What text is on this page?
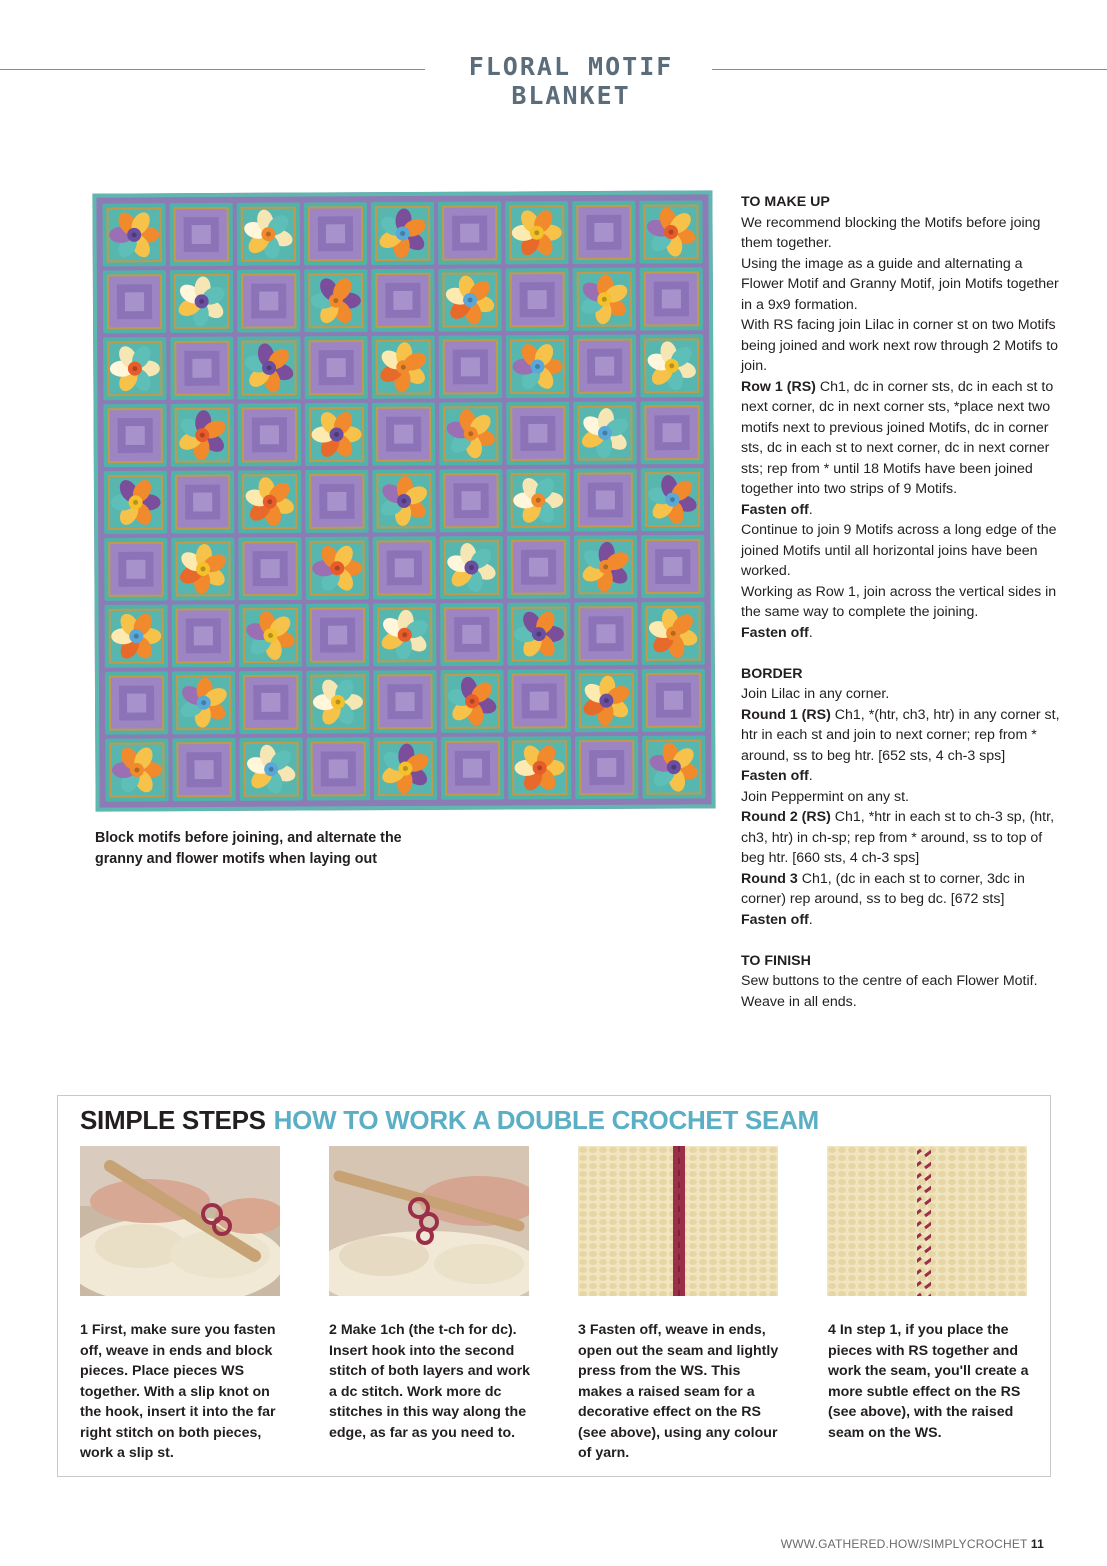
FLORAL MOTIF BLANKET
Block motifs before joining, and alternate the granny and flower motifs when laying out

TO MAKE UP

We recommend blocking the Motifs before joing them together.

Using the image as a guide and alternating a Flower Motif and Granny Motif, join Motifs together in a 9x9 formation.

With RS facing join Lilac in corner st on two Motifs being joined and work next row through 2 Motifs to join.

Row 1 (RS) Ch1, dc in corner sts, dc in each st to next corner, dc in next corner sts, *place next two motifs next to previous joined Motifs, dc in corner sts, dc in each st to next corner, dc in next corner sts; rep from * until 18 Motifs have been joined together into two strips of 9 Motifs.

Fasten off.

Continue to join 9 Motifs across a long edge of the joined Motifs until all horizontal joins have been worked.

Working as Row 1, join across the vertical sides in the same way to complete the joining.

Fasten off.

BORDER

Join Lilac in any corner.

Round 1 (RS) Ch1, *(htr, ch3, htr) in any corner st, htr in each st and join to next corner; rep from * around, ss to beg htr. [652 sts, 4 ch-3 sps]

Fasten off.

Join Peppermint on any st.

Round 2 (RS) Ch1, *htr in each st to ch-3 sp, (htr, ch3, htr) in ch-sp; rep from * around, ss to top of beg htr. [660 sts, 4 ch-3 sps]

Round 3 Ch1, (dc in each st to corner, 3dc in corner) rep around, ss to beg dc. [672 sts]

Fasten off.

TO FINISH

Sew buttons to the centre of each Flower Motif. Weave in all ends.

SIMPLE STEPS HOW TO WORK A DOUBLE CROCHET SEAM
1 First, make sure you fasten off, weave in ends and block pieces. Place pieces WS together. With a slip knot on the hook, insert it into the far right stitch on both pieces, work a slip st.
2 Make 1ch (the t-ch for dc). Insert hook into the second stitch of both layers and work a dc stitch. Work more dc stitches in this way along the edge, as far as you need to.
3 Fasten off, weave in ends, open out the seam and lightly press from the WS. This makes a raised seam for a decorative effect on the RS (see above), using any colour of yarn.
4 In step 1, if you place the pieces with RS together and work the seam, you'll create a more subtle effect on the RS (see above), with the raised seam on the WS.
WWW.GATHERED.HOW/SIMPLYCROCHET 11
